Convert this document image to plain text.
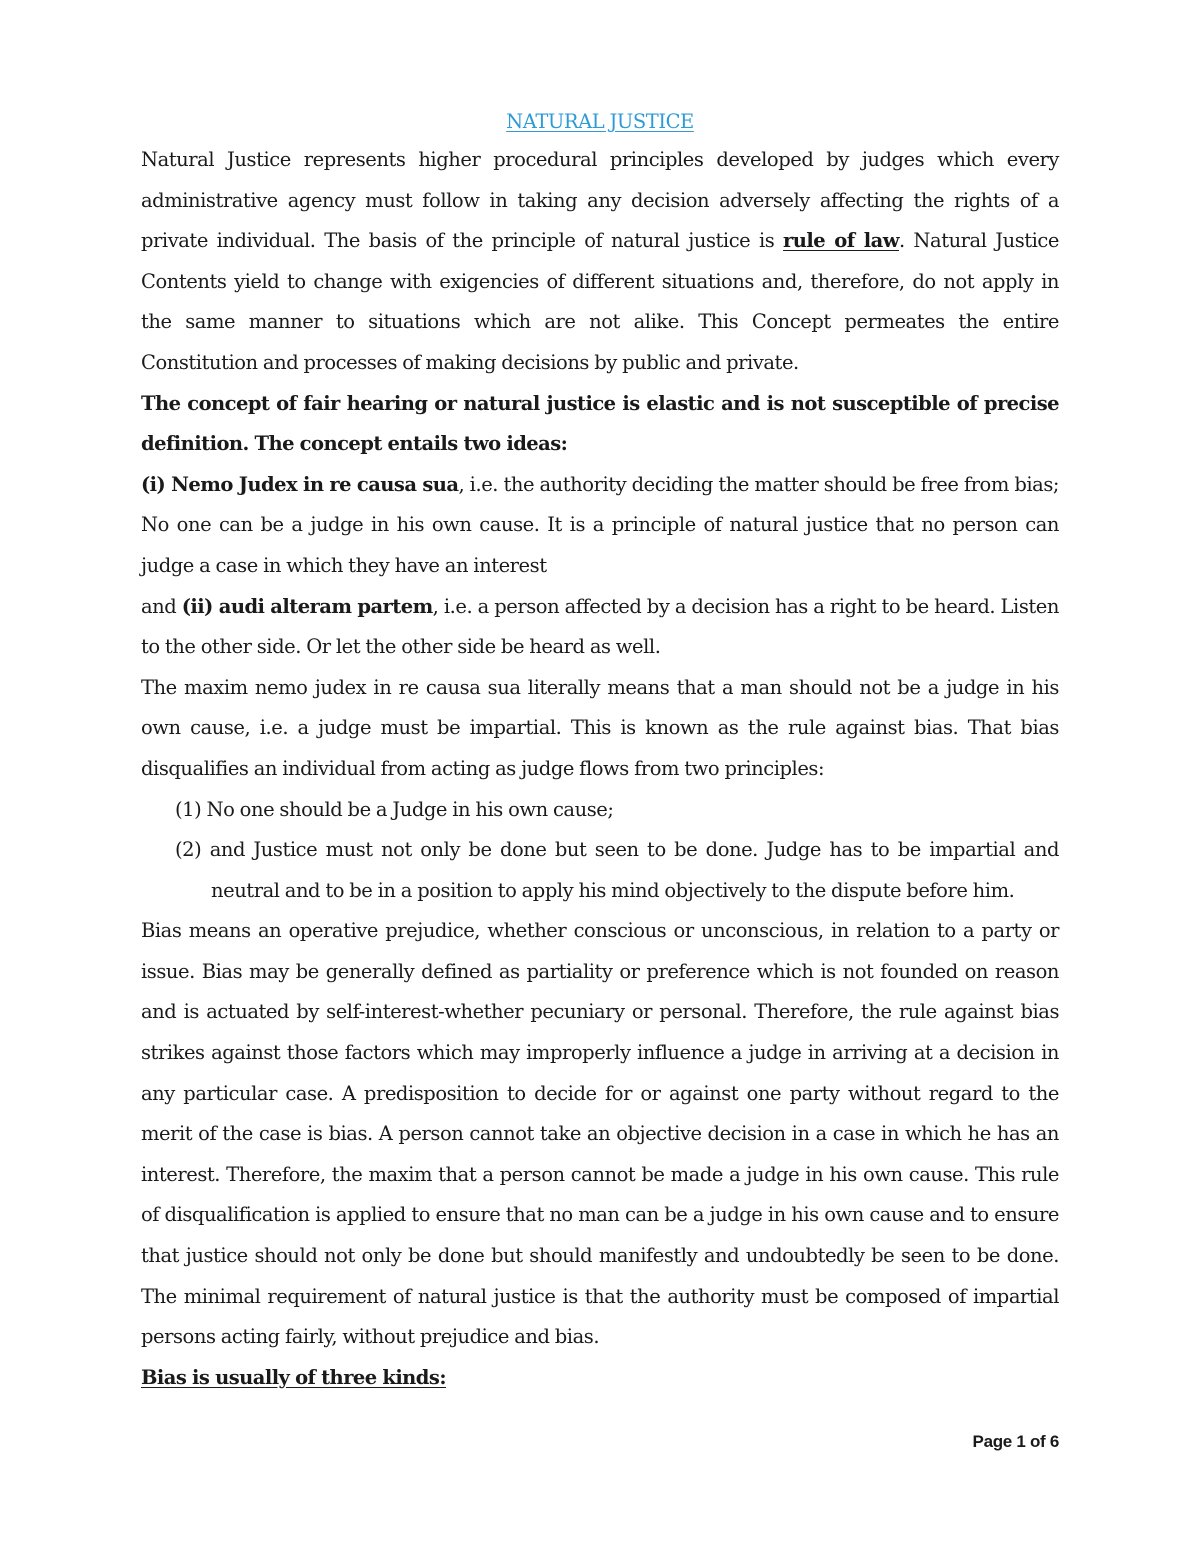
NATURAL JUSTICE

Natural Justice represents higher procedural principles developed by judges which every administrative agency must follow in taking any decision adversely affecting the rights of a private individual. The basis of the principle of natural justice is rule of law. Natural Justice Contents yield to change with exigencies of different situations and, therefore, do not apply in the same manner to situations which are not alike. This Concept permeates the entire Constitution and processes of making decisions by public and private.

The concept of fair hearing or natural justice is elastic and is not susceptible of precise definition. The concept entails two ideas:

(i) Nemo Judex in re causa sua, i.e. the authority deciding the matter should be free from bias; No one can be a judge in his own cause. It is a principle of natural justice that no person can judge a case in which they have an interest

and (ii) audi alteram partem, i.e. a person affected by a decision has a right to be heard. Listen to the other side. Or let the other side be heard as well.

The maxim nemo judex in re causa sua literally means that a man should not be a judge in his own cause, i.e. a judge must be impartial. This is known as the rule against bias. That bias disqualifies an individual from acting as judge flows from two principles:

(1) No one should be a Judge in his own cause;
(2) and Justice must not only be done but seen to be done. Judge has to be impartial and neutral and to be in a position to apply his mind objectively to the dispute before him.

Bias means an operative prejudice, whether conscious or unconscious, in relation to a party or issue. Bias may be generally defined as partiality or preference which is not founded on reason and is actuated by self-interest-whether pecuniary or personal. Therefore, the rule against bias strikes against those factors which may improperly influence a judge in arriving at a decision in any particular case. A predisposition to decide for or against one party without regard to the merit of the case is bias. A person cannot take an objective decision in a case in which he has an interest. Therefore, the maxim that a person cannot be made a judge in his own cause. This rule of disqualification is applied to ensure that no man can be a judge in his own cause and to ensure that justice should not only be done but should manifestly and undoubtedly be seen to be done. The minimal requirement of natural justice is that the authority must be composed of impartial persons acting fairly, without prejudice and bias.

Bias is usually of three kinds:

Page 1 of 6
